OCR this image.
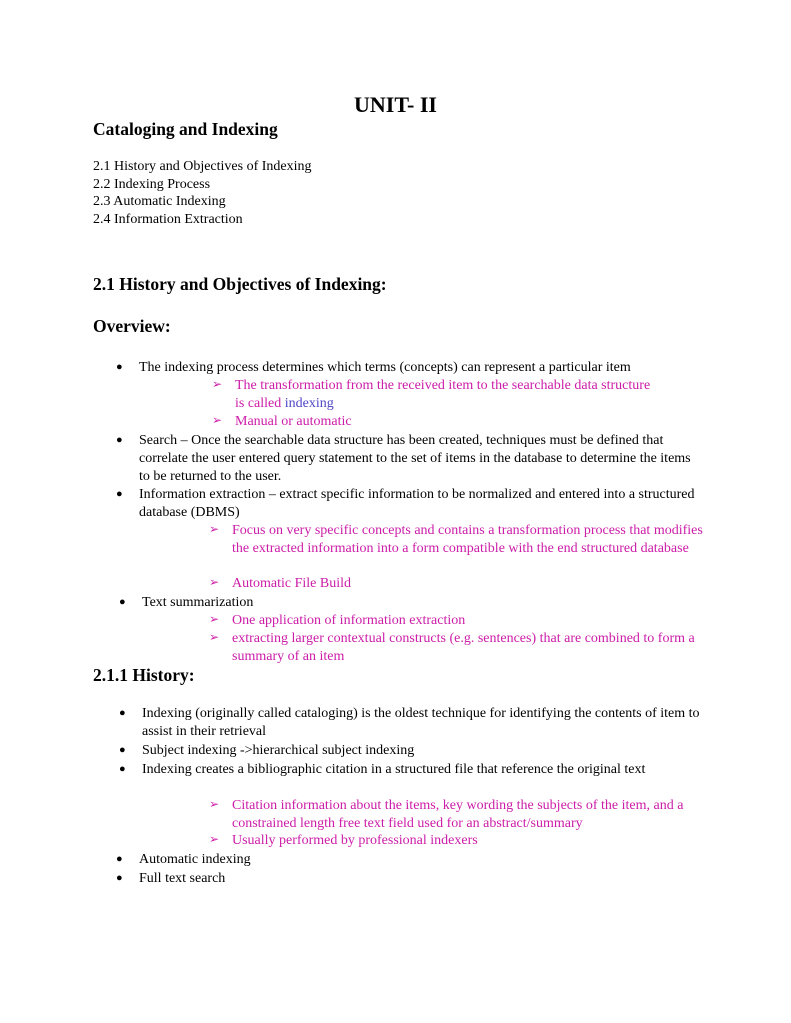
UNIT- II
Cataloging and Indexing
2.1 History and Objectives of Indexing
2.2 Indexing Process
2.3 Automatic Indexing
2.4 Information Extraction
2.1 History and Objectives of Indexing:
Overview:
● The indexing process determines which terms (concepts) can represent a particular item
➢ The transformation from the received item to the searchable data structure
is called indexing
➢ Manual or automatic
● Search – Once the searchable data structure has been created, techniques must be defined that correlate the user entered query statement to the set of items in the database to determine the items to be returned to the user.
● Information extraction – extract specific information to be normalized and entered into a structured database (DBMS)
➢ Focus on very specific concepts and contains a transformation process that modifies the extracted information into a form compatible with the end structured database
➢ Automatic File Build
● Text summarization
➢ One application of information extraction
➢ extracting larger contextual constructs (e.g. sentences) that are combined to form a summary of an item
2.1.1 History:
● Indexing (originally called cataloging) is the oldest technique for identifying the contents of item to assist in their retrieval
● Subject indexing ->hierarchical subject indexing
● Indexing creates a bibliographic citation in a structured file that reference the original text
➢ Citation information about the items, key wording the subjects of the item, and a constrained length free text field used for an abstract/summary
➢ Usually performed by professional indexers
● Automatic indexing
● Full text search
